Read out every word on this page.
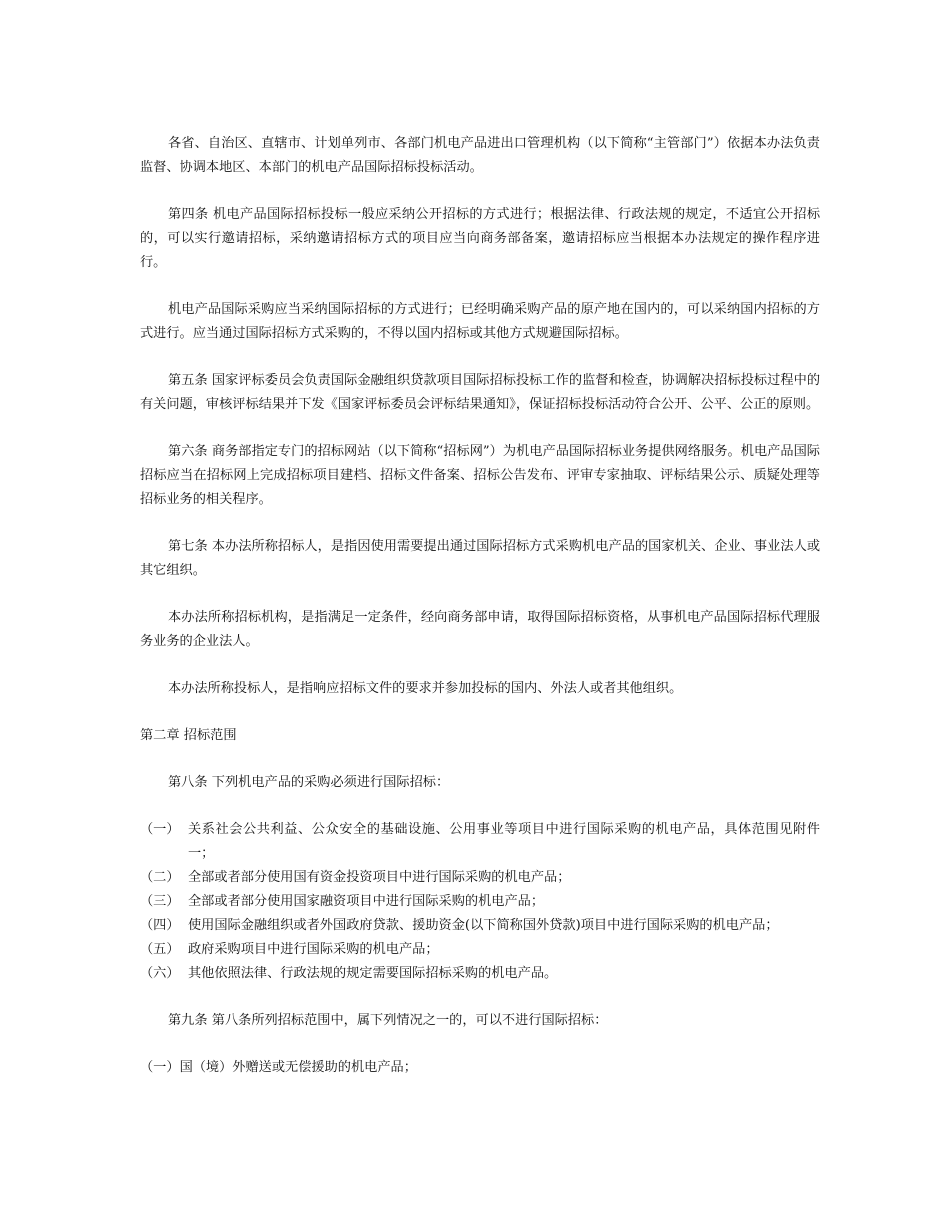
各省、自治区、直辖市、计划单列市、各部门机电产品进出口管理机构（以下简称“主管部门”）依据本办法负责监督、协调本地区、本部门的机电产品国际招标投标活动。

第四条 机电产品国际招标投标一般应采纳公开招标的方式进行；根据法律、行政法规的规定，不适宜公开招标的，可以实行邀请招标，采纳邀请招标方式的项目应当向商务部备案，邀请招标应当根据本办法规定的操作程序进行。

机电产品国际采购应当采纳国际招标的方式进行；已经明确采购产品的原产地在国内的，可以采纳国内招标的方式进行。应当通过国际招标方式采购的，不得以国内招标或其他方式规避国际招标。

第五条 国家评标委员会负责国际金融组织贷款项目国际招标投标工作的监督和检查，协调解决招标投标过程中的有关问题，审核评标结果并下发《国家评标委员会评标结果通知》，保证招标投标活动符合公开、公平、公正的原则。

第六条 商务部指定专门的招标网站（以下简称“招标网”）为机电产品国际招标业务提供网络服务。机电产品国际招标应当在招标网上完成招标项目建档、招标文件备案、招标公告发布、评审专家抽取、评标结果公示、质疑处理等招标业务的相关程序。

第七条 本办法所称招标人，是指因使用需要提出通过国际招标方式采购机电产品的国家机关、企业、事业法人或其它组织。

本办法所称招标机构，是指满足一定条件，经向商务部申请，取得国际招标资格，从事机电产品国际招标代理服务业务的企业法人。

本办法所称投标人，是指响应招标文件的要求并参加投标的国内、外法人或者其他组织。

第二章 招标范围

第八条 下列机电产品的采购必须进行国际招标：

（一） 关系社会公共利益、公众安全的基础设施、公用事业等项目中进行国际采购的机电产品，具体范围见附件一；
（二） 全部或者部分使用国有资金投资项目中进行国际采购的机电产品；
（三） 全部或者部分使用国家融资项目中进行国际采购的机电产品；
（四） 使用国际金融组织或者外国政府贷款、援助资金(以下简称国外贷款)项目中进行国际采购的机电产品；
（五） 政府采购项目中进行国际采购的机电产品；
（六） 其他依照法律、行政法规的规定需要国际招标采购的机电产品。

第九条 第八条所列招标范围中，属下列情况之一的，可以不进行国际招标：

（一） 国（境）外赠送或无偿援助的机电产品；
